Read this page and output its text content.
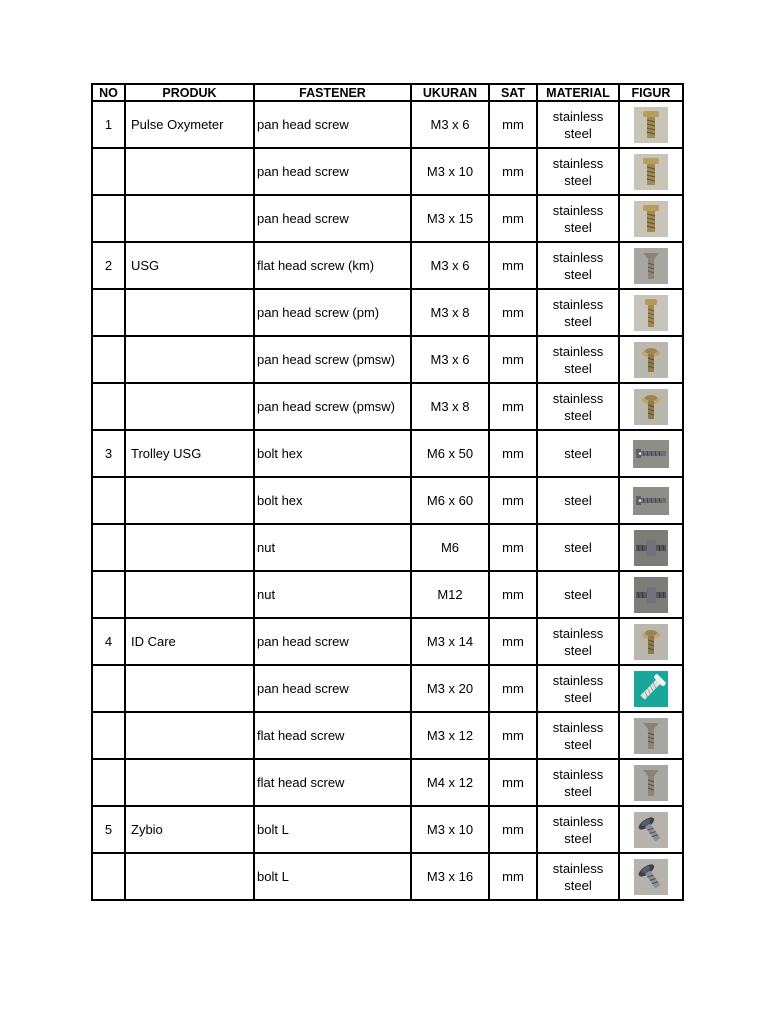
NO	PRODUK	FASTENER	UKURAN	SAT	MATERIAL	FIGUR
1	Pulse Oxymeter	pan head screw	M3 x 6	mm	stainless
steel

		pan head screw	M3 x 10	mm	stainless
steel

		pan head screw	M3 x 15	mm	stainless
steel

2	USG	flat head screw (km)	M3 x 6	mm	stainless
steel

		pan head screw (pm)	M3 x 8	mm	stainless
steel

		pan head screw (pmsw)	M3 x 6	mm	stainless
steel

		pan head screw (pmsw)	M3 x 8	mm	stainless
steel

3	Trolley USG	bolt hex	M6 x 50	mm	steel

		bolt hex	M6 x 60	mm	steel

		nut	M6	mm	steel

		nut	M12	mm	steel

4	ID Care	pan head screw	M3 x 14	mm	stainless
steel

		pan head screw	M3 x 20	mm	stainless
steel

		flat head screw	M3 x 12	mm	stainless
steel

		flat head screw	M4 x 12	mm	stainless
steel

5	Zybio	bolt L	M3 x 10	mm	stainless
steel

		bolt L	M3 x 16	mm	stainless
steel
